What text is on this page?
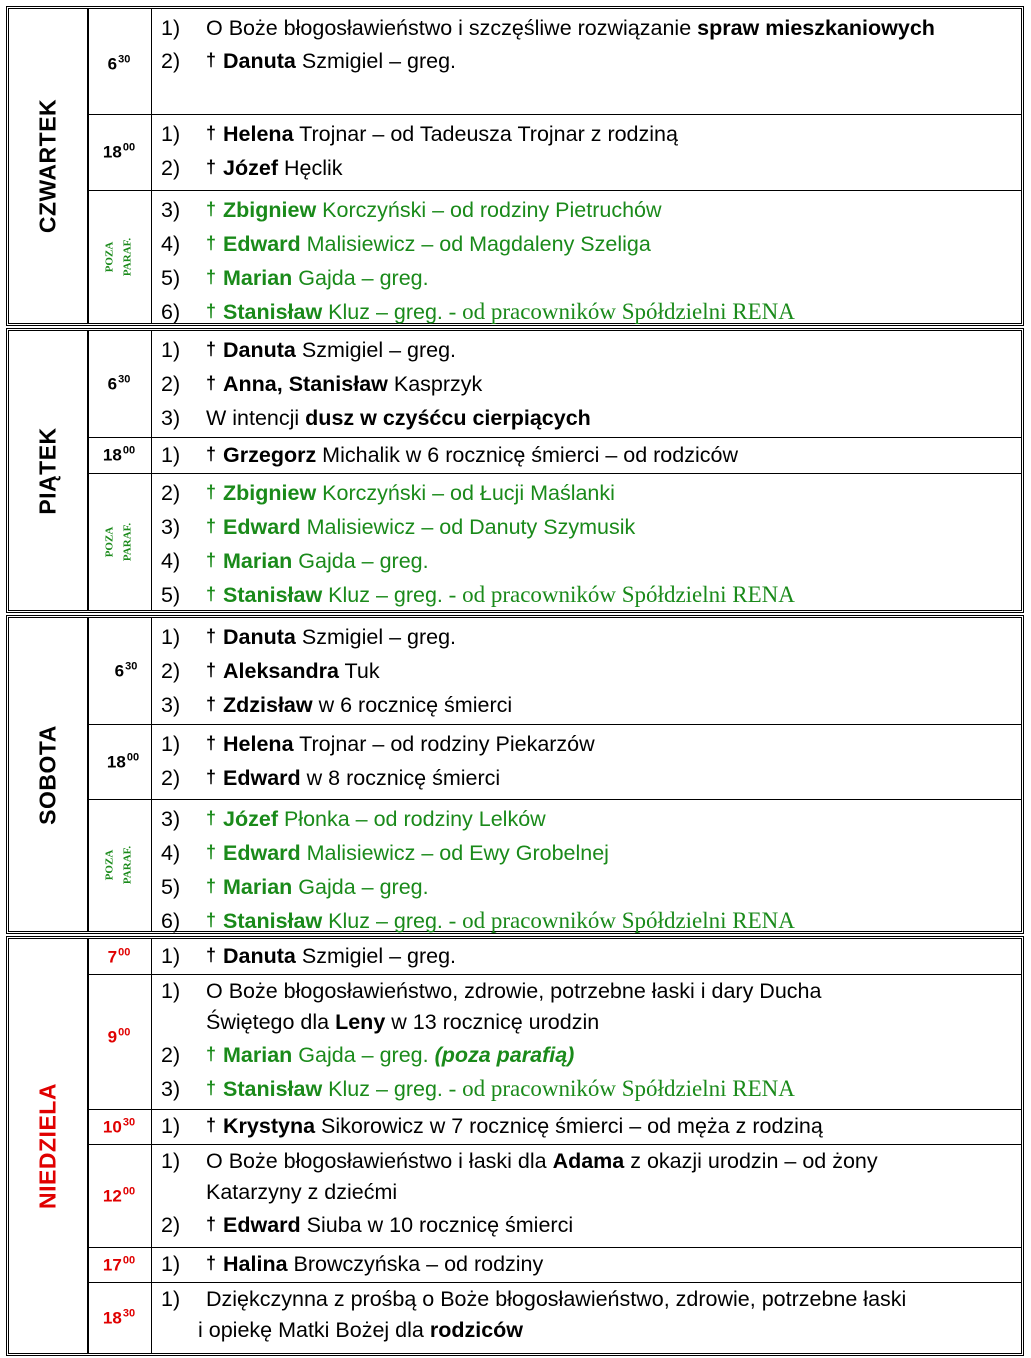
CZWARTEK
$6^{30}$
1)	O Boże błogosławieństwo i szczęśliwe rozwiązanie spraw mieszkaniowych
2)	† Danuta Szmigiel – greg.
$18^{00}$
1)	† Helena Trojnar – od Tadeusza Trojnar z rodziną
2)	† Józef Hęclik
POZA PARAF.
3)	† Zbigniew Korczyński – od rodziny Pietruchów
4)	† Edward Malisiewicz – od Magdaleny Szeliga
5)	† Marian Gajda – greg.
6)	† Stanisław Kluz – greg. - od pracowników Spółdzielni RENA
PIĄTEK
$6^{30}$
1)	† Danuta Szmigiel – greg.
2)	† Anna, Stanisław Kasprzyk
3)	W intencji dusz w czyśćcu cierpiących
$18^{00}$	1)	† Grzegorz Michalik w 6 rocznicę śmierci – od rodziców
POZA PARAF.
2)	† Zbigniew Korczyński – od Łucji Maślanki
3)	† Edward Malisiewicz – od Danuty Szymusik
4)	† Marian Gajda – greg.
5)	† Stanisław Kluz – greg. - od pracowników Spółdzielni RENA
SOBOTA
$6^{30}$
1)	† Danuta Szmigiel – greg.
2)	† Aleksandra Tuk
3)	† Zdzisław w 6 rocznicę śmierci
$18^{00}$
1)	† Helena Trojnar – od rodziny Piekarzów
2)	† Edward w 8 rocznicę śmierci
POZA PARAF.
3)	† Józef Płonka – od rodziny Lelków
4)	† Edward Malisiewicz – od Ewy Grobelnej
5)	† Marian Gajda – greg.
6)	† Stanisław Kluz – greg. - od pracowników Spółdzielni RENA
NIEDZIELA
$7^{00}$	1)	† Danuta Szmigiel – greg.
$9^{00}$
1)	O Boże błogosławieństwo, zdrowie, potrzebne łaski i dary Ducha
Świętego dla Leny w 13 rocznicę urodzin
2)	† Marian Gajda – greg. (poza parafią)
3)	† Stanisław Kluz – greg. - od pracowników Spółdzielni RENA
$10^{30}$	1)	† Krystyna Sikorowicz w 7 rocznicę śmierci – od męża z rodziną
$12^{00}$
1)	O Boże błogosławieństwo i łaski dla Adama z okazji urodzin – od żony
Katarzyny z dziećmi
2)	† Edward Siuba w 10 rocznicę śmierci
$17^{00}$	1)	† Halina Browczyńska – od rodziny
$18^{30}$
1)	Dziękczynna z prośbą o Boże błogosławieństwo, zdrowie, potrzebne łaski
i opiekę Matki Bożej dla rodziców
